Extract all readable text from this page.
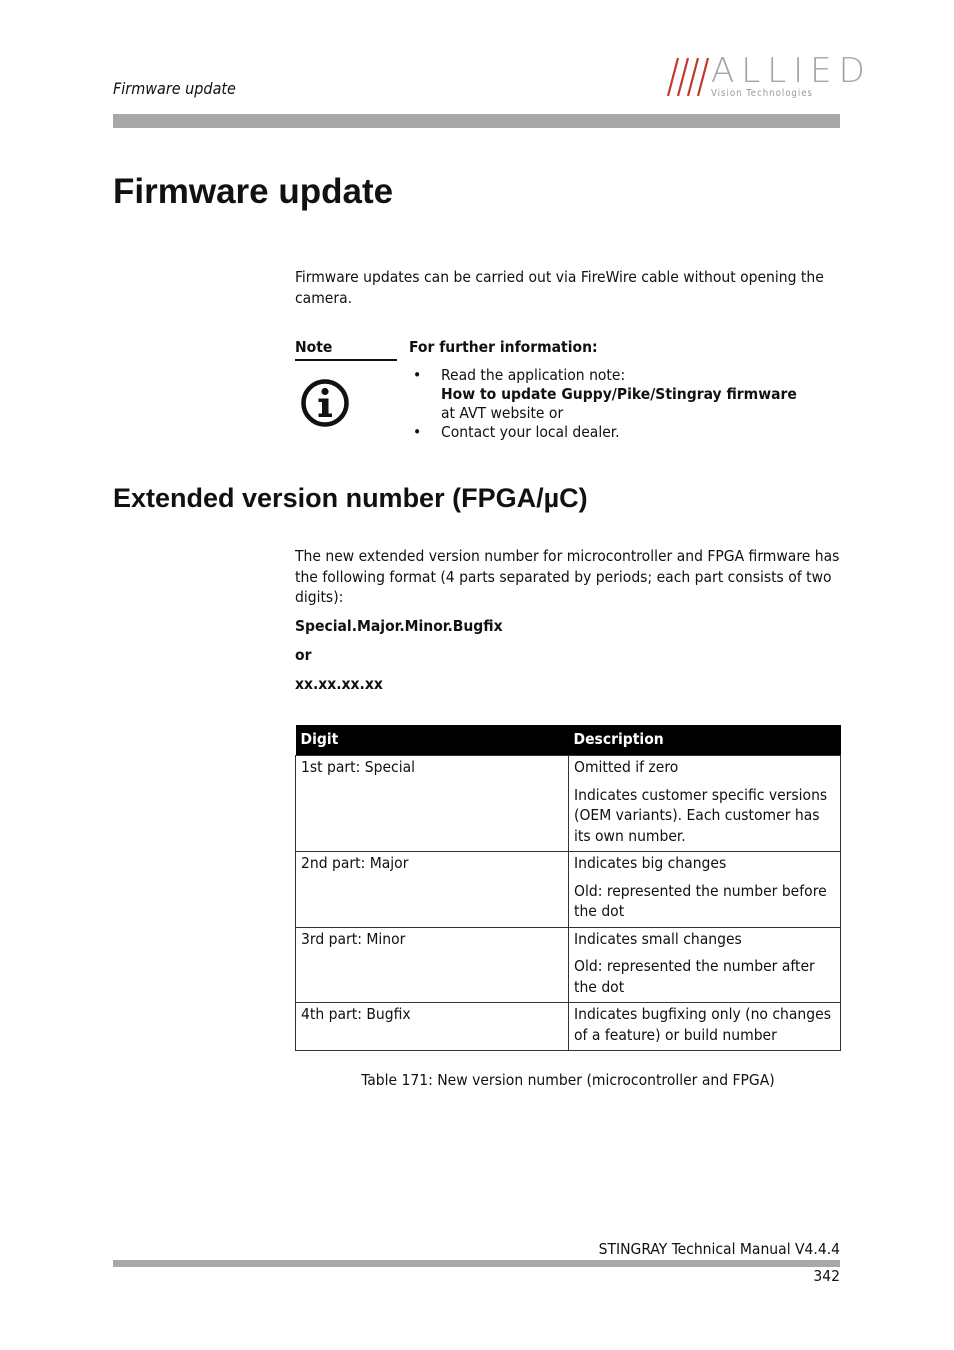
Firmware update	ALLIED
Vision Technologies
Firmware update
Firmware updates can be carried out via FireWire cable without opening the camera.
Note	For further information:
• Read the application note:
How to update Guppy/Pike/Stingray firmware
at AVT website or
• Contact your local dealer.
Extended version number (FPGA/µC)
The new extended version number for microcontroller and FPGA firmware has the following format (4 parts separated by periods; each part consists of two digits):
Special.Major.Minor.Bugfix
or
xx.xx.xx.xx
Digit	Description
1st part: Special	Omitted if zero

Indicates customer specific versions (OEM variants). Each customer has its own number.

2nd part: Major	Indicates big changes

Old: represented the number before the dot

3rd part: Minor	Indicates small changes

Old: represented the number after the dot

4th part: Bugfix	Indicates bugfixing only (no changes of a feature) or build number

Table 171: New version number (microcontroller and FPGA)
STINGRAY Technical Manual V4.4.4
342
